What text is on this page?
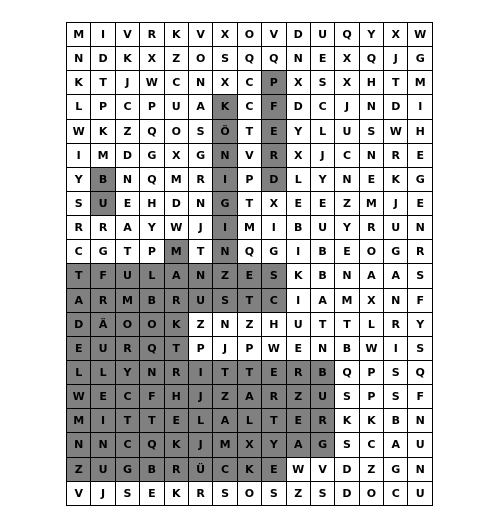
M	I	V	R	K	V	X	O	V	D	U	Q	Y	X	W
N	D	K	X	Z	O	S	Q	Q	N	E	X	Q	J	G
K	T	J	W	C	N	X	C	P	X	S	X	H	T	M
L	P	C	P	U	A	K	C	F	D	C	J	N	D	I
W	K	Z	Q	O	S	Ö	T	E	Y	L	U	S	W	H
I	M	D	G	X	G	N	V	R	X	J	C	N	R	E
Y	B	N	Q	M	R	I	P	D	L	Y	N	E	K	G
S	U	E	H	D	N	G	T	X	E	E	Z	M	J	E
R	R	A	Y	W	J	I	M	I	B	U	Y	R	U	N
C	G	T	P	M	T	N	Q	G	I	B	E	O	G	R
T	F	U	L	A	N	Z	E	S	K	B	N	A	A	S
A	R	M	B	R	U	S	T	C	I	A	M	X	N	F
D	Ä	O	O	K	Z	N	Z	H	U	T	T	L	R	Y
E	U	R	Q	T	P	J	P	W	E	N	B	W	I	S
L	L	Y	N	R	I	T	T	E	R	B	Q	P	S	Q
W	E	C	F	H	J	Z	A	R	Z	U	S	P	S	F
M	I	T	T	E	L	A	L	T	E	R	K	K	B	N
N	N	C	Q	K	J	M	X	Y	A	G	S	C	A	U
Z	U	G	B	R	Ü	C	K	E	W	V	D	Z	G	N
V	J	S	E	K	R	S	O	S	Z	S	D	O	C	U
